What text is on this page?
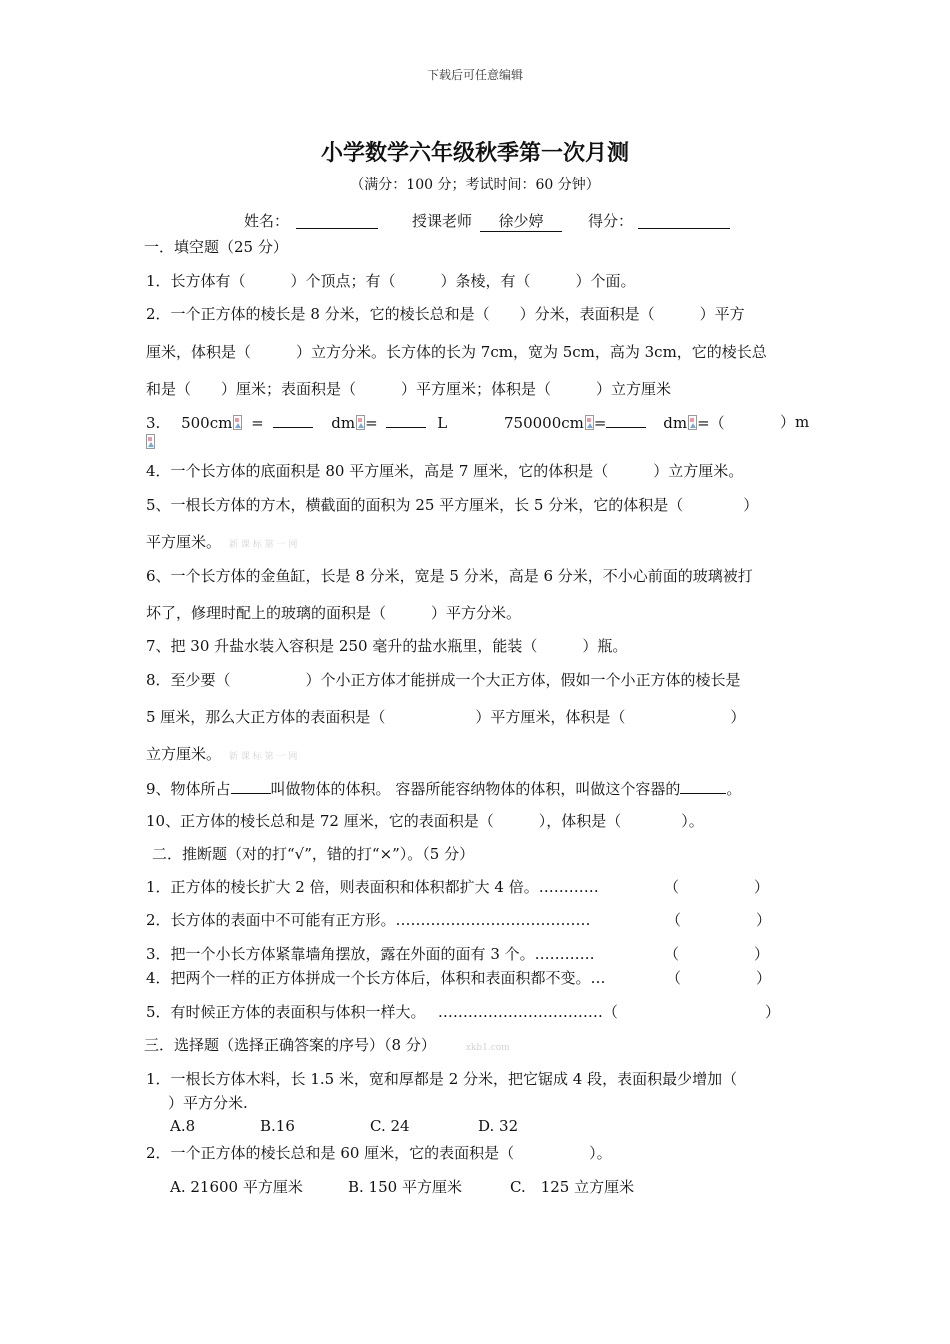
下载后可任意编辑
小学数学六年级秋季第一次月测
（满分：100 分；考试时间：60 分钟）
姓名：	授课老师	徐少婷	得分：
一．填空题（25 分）
1．长方体有（　　　）个顶点；有（　　　）条棱，有（　　　）个面。
2．一个正方体的棱长是 8 分米，它的棱长总和是（　　）分米，表面积是（　　　）平方
厘米，体积是（　　　）立方分米。长方体的长为 7cm，宽为 5cm，高为 3cm，它的棱长总
和是（　　）厘米；表面积是（　　　）平方厘米；体积是（　　　）立方厘米
3. 500cm =	dm =	L	750000cm =	dm =（	）m
4．一个长方体的底面积是 80 平方厘米，高是 7 厘米，它的体积是（　　　）立方厘米。
5、一根长方体的方木，横截面的面积为 25 平方厘米，长 5 分米，它的体积是（　　　　）
平方厘米。 新 课 标 第 一 网
6、一个长方体的金鱼缸，长是 8 分米，宽是 5 分米，高是 6 分米，不小心前面的玻璃被打
坏了，修理时配上的玻璃的面积是（　　　）平方分米。
7、把 30 升盐水装入容积是 250 毫升的盐水瓶里，能装（　　　）瓶。
8．至少要（　　　　　）个小正方体才能拼成一个大正方体，假如一个小正方体的棱长是
5 厘米，那么大正方体的表面积是（　　　　　　）平方厘米，体积是（　　　　　　　）
立方厘米。 新 课 标 第 一 网
9、物体所占	叫做物体的体积。 容器所能容纳物体的体积，叫做这个容器的	。
10、正方体的棱长总和是 72 厘米，它的表面积是（　　　），体积是（　　　　）。
二．推断题（对的打“√”，错的打“×”）。（5 分）
1．正方体的棱长扩大 2 倍，则表面积和体积都扩大 4 倍。…………	（　　　　　）
2．长方体的表面中不可能有正方形。…………………………………	（　　　　　）
3．把一个小长方体紧靠墙角摆放，露在外面的面有 3 个。…………	（　　　　　）
4．把两个一样的正方体拼成一个长方体后，体积和表面积都不变。…	（　　　　　）
5．有时候正方体的表面积与体积一样大。　 ……………………………（	　　　　　）
三．选择题（选择正确答案的序号）（8 分）	xkb1.com
1．一根长方体木料，长 1.5 米，宽和厚都是 2 分米，把它锯成 4 段，表面积最少增加（
）平方分米.
A.8	B.16	C. 24	D. 32
2．一个正方体的棱长总和是 60 厘米，它的表面积是（　　　　　）。
A. 21600 平方厘米	B. 150 平方厘米	C.　125 立方厘米
